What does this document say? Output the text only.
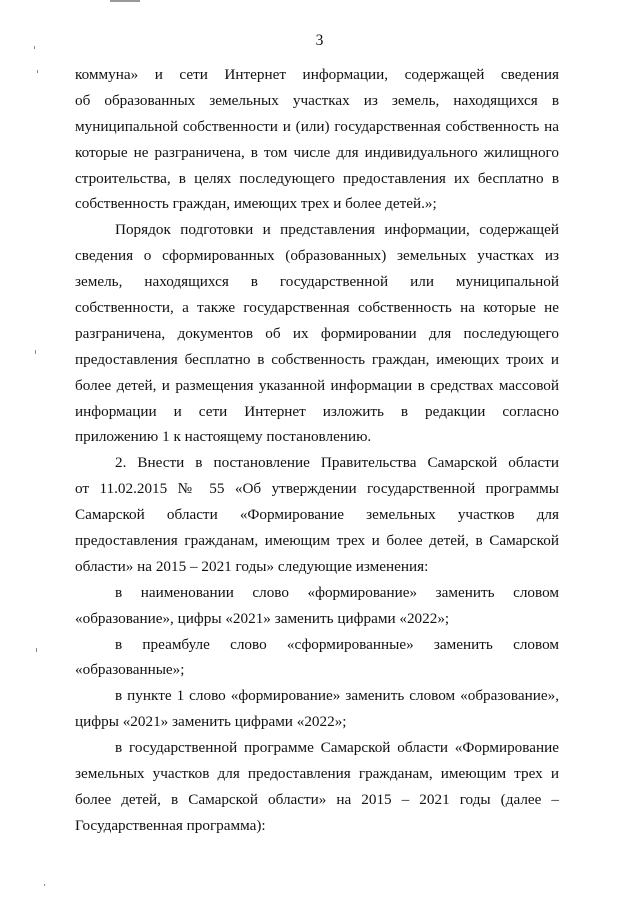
3
коммуна» и сети Интернет информации, содержащей сведения
об образованных земельных участках из земель, находящихся в
муниципальной собственности и (или) государственная собственность на
которые не разграничена, в том числе для индивидуального жилищного
строительства, в целях последующего предоставления их бесплатно в
собственность граждан, имеющих трех и более детей.»;
Порядок подготовки и представления информации, содержащей
сведения о сформированных (образованных) земельных участках из
земель, находящихся в государственной или муниципальной
собственности, а также государственная собственность на которые не
разграничена, документов об их формировании для последующего
предоставления бесплатно в собственность граждан, имеющих троих и
более детей, и размещения указанной информации в средствах массовой
информации и сети Интернет изложить в редакции согласно
приложению 1 к настоящему постановлению.
2. Внести в постановление Правительства Самарской области
от 11.02.2015 № 55 «Об утверждении государственной программы
Самарской области «Формирование земельных участков для
предоставления гражданам, имеющим трех и более детей, в Самарской
области» на 2015 – 2021 годы» следующие изменения:
в наименовании слово «формирование» заменить словом
«образование», цифры «2021» заменить цифрами «2022»;
в преамбуле слово «сформированные» заменить словом
«образованные»;
в пункте 1 слово «формирование» заменить словом «образование»,
цифры «2021» заменить цифрами «2022»;
в государственной программе Самарской области «Формирование
земельных участков для предоставления гражданам, имеющим трех и
более детей, в Самарской области» на 2015 – 2021 годы (далее –
Государственная программа):
